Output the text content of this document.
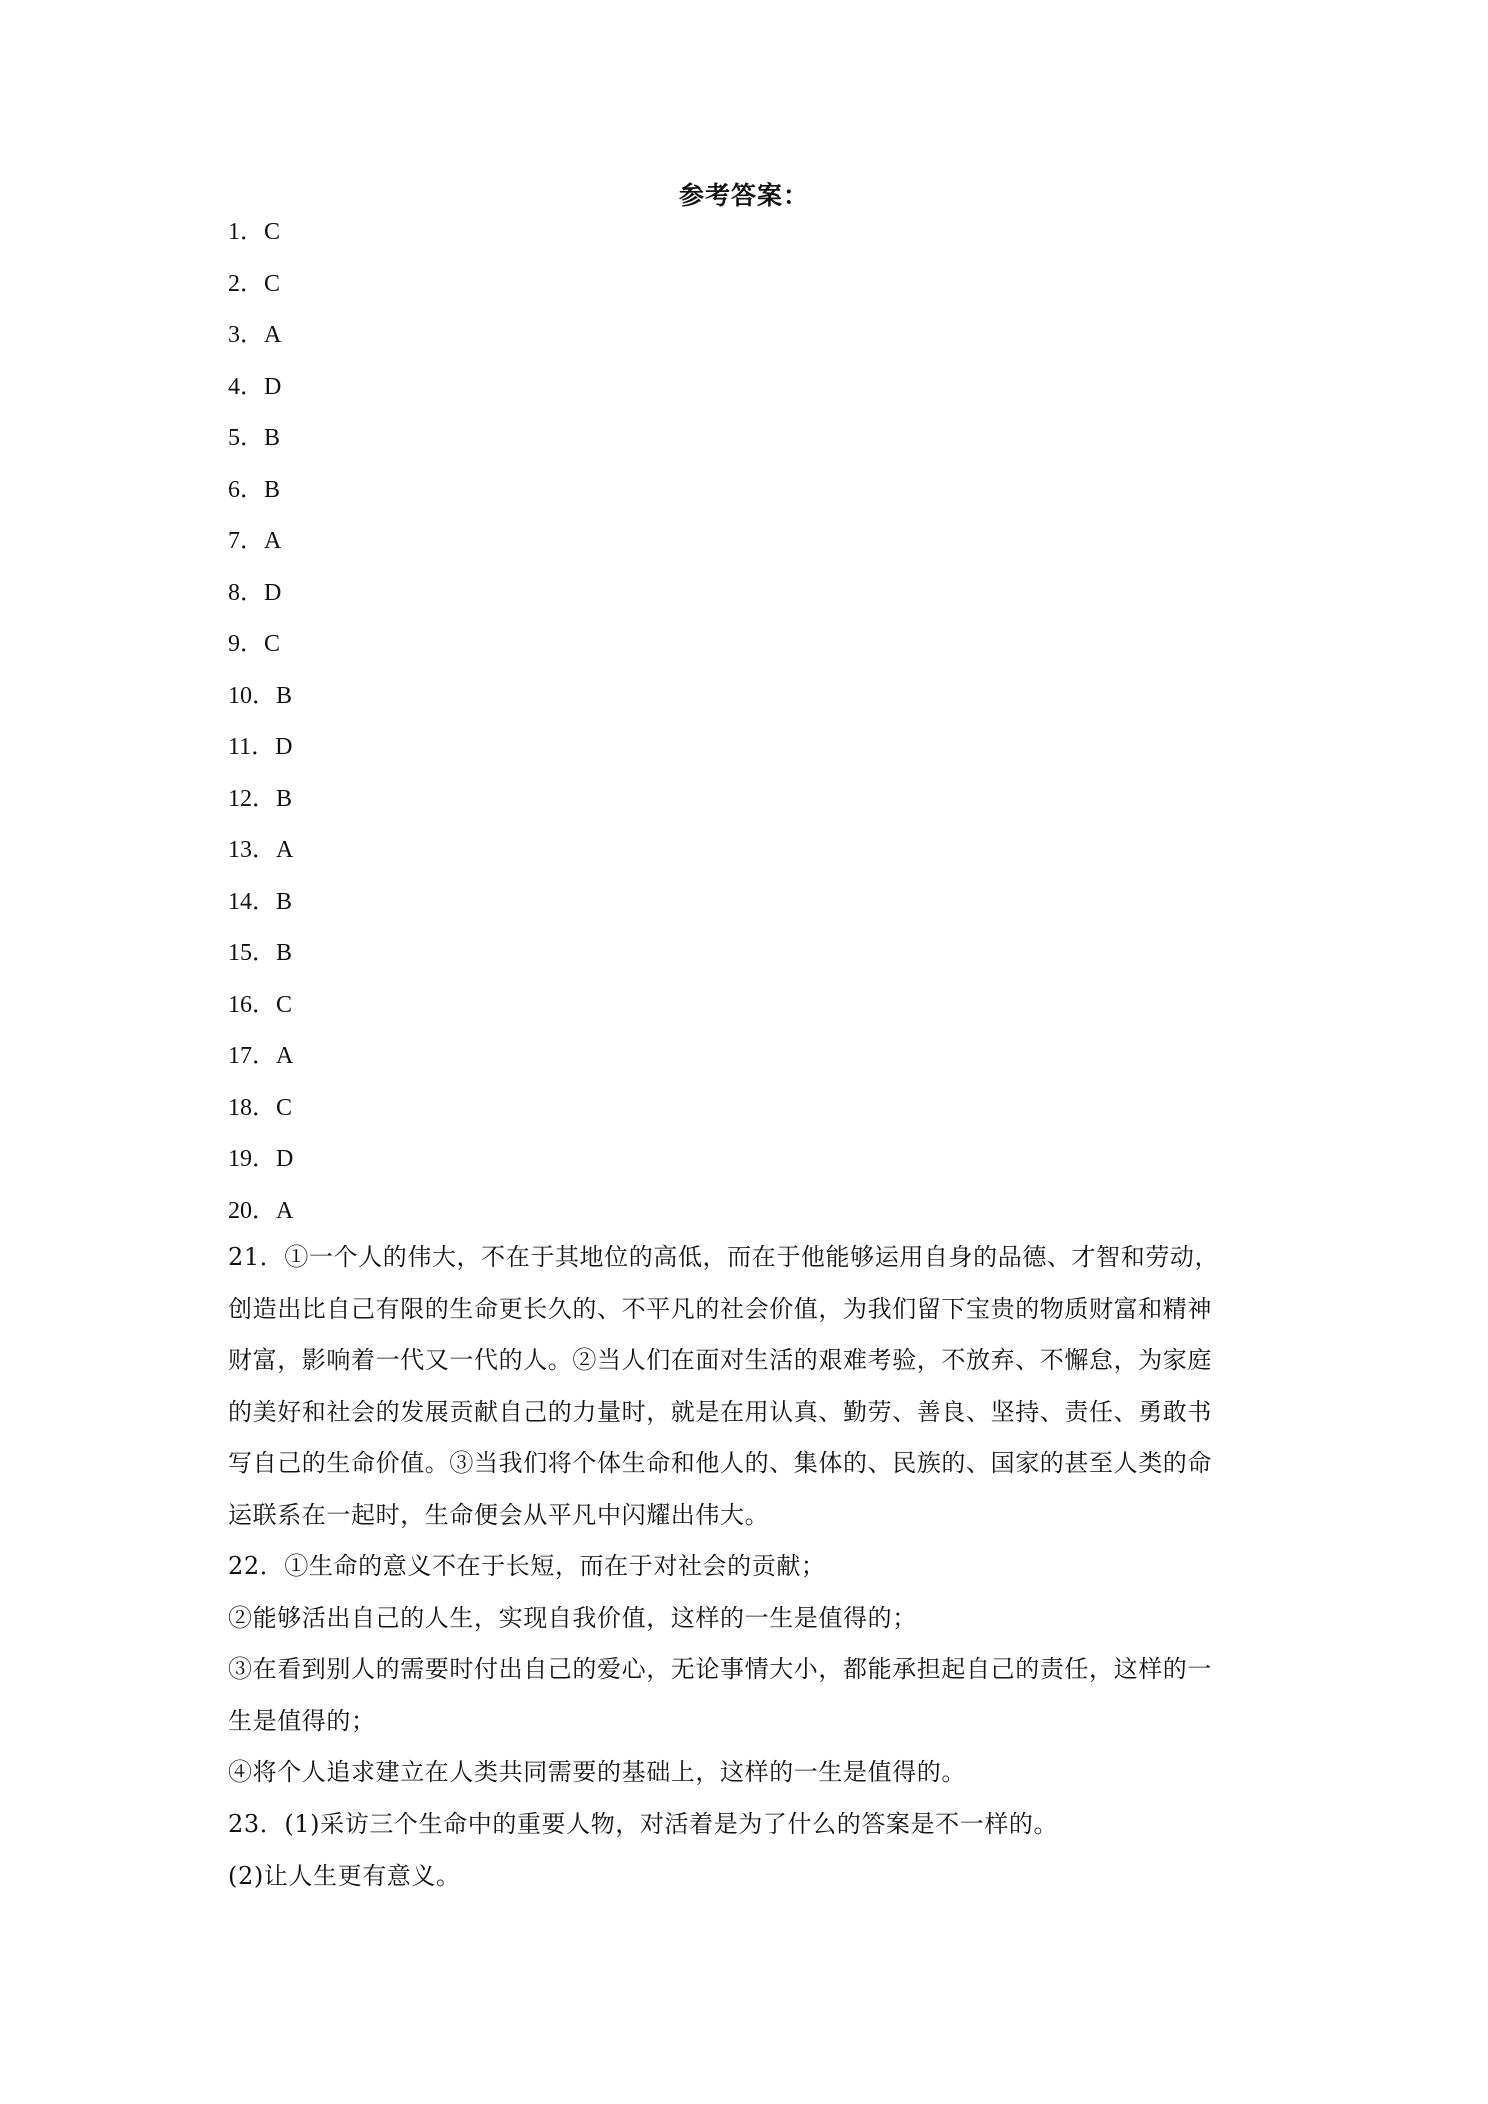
参考答案：
1．C
2．C
3．A
4．D
5．B
6．B
7．A
8．D
9．C
10．B
11．D
12．B
13．A
14．B
15．B
16．C
17．A
18．C
19．D
20．A
21．①一个人的伟大，不在于其地位的高低，而在于他能够运用自身的品德、才智和劳动，
创造出比自己有限的生命更长久的、不平凡的社会价值，为我们留下宝贵的物质财富和精神
财富，影响着一代又一代的人。②当人们在面对生活的艰难考验，不放弃、不懈怠，为家庭
的美好和社会的发展贡献自己的力量时，就是在用认真、勤劳、善良、坚持、责任、勇敢书
写自己的生命价值。③当我们将个体生命和他人的、集体的、民族的、国家的甚至人类的命
运联系在一起时，生命便会从平凡中闪耀出伟大。
22．①生命的意义不在于长短，而在于对社会的贡献；
②能够活出自己的人生，实现自我价值，这样的一生是值得的；
③在看到别人的需要时付出自己的爱心，无论事情大小，都能承担起自己的责任，这样的一
生是值得的；
④将个人追求建立在人类共同需要的基础上，这样的一生是值得的。
23．(1)采访三个生命中的重要人物，对活着是为了什么的答案是不一样的。
(2)让人生更有意义。
